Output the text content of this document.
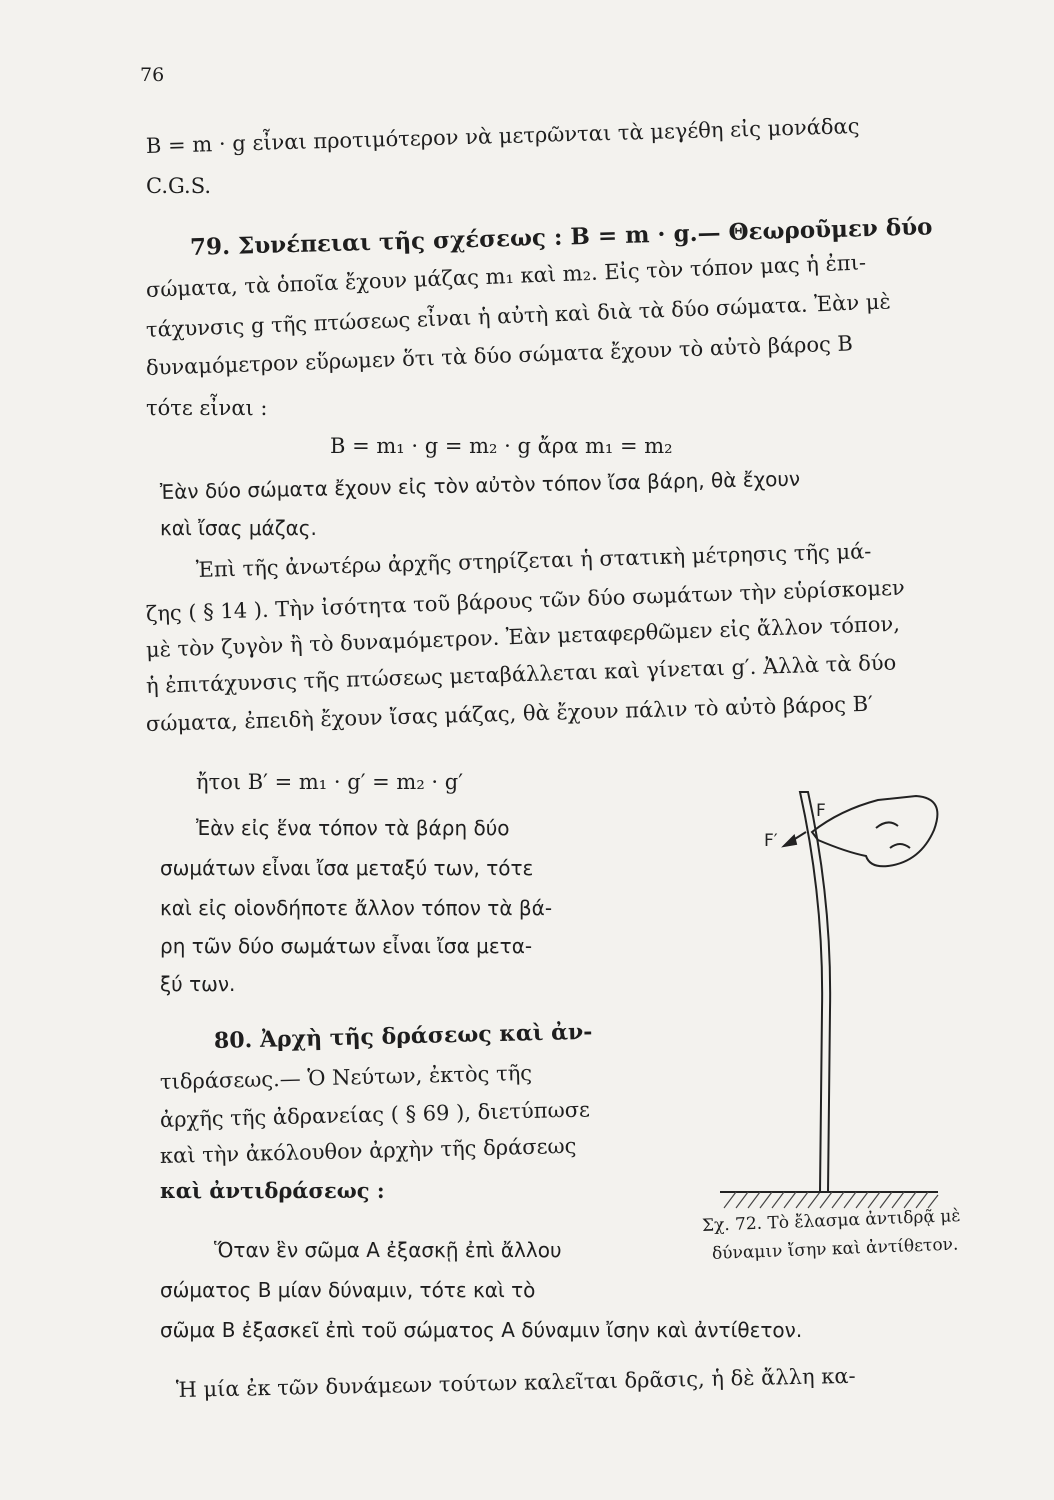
76
B = m · g εἶναι προτιμότερον νὰ μετρῶνται τὰ μεγέθη εἰς μονάδας
C.G.S.
79. Συνέπειαι τῆς σχέσεως : B = m · g.— Θεωροῦμεν δύο
σώματα, τὰ ὁποῖα ἔχουν μάζας m₁ καὶ m₂. Εἰς τὸν τόπον μας ἡ ἐπι-
τάχυνσις g τῆς πτώσεως εἶναι ἡ αὐτὴ καὶ διὰ τὰ δύο σώματα. Ἐὰν μὲ
δυναμόμετρον εὕρωμεν ὅτι τὰ δύο σώματα ἔχουν τὸ αὐτὸ βάρος B
τότε εἶναι :
B = m₁ · g = m₂ · g ἄρα m₁ = m₂
Ἐὰν δύο σώματα ἔχουν εἰς τὸν αὐτὸν τόπον ἴσα βάρη, θὰ ἔχουν
καὶ ἴσας μάζας.
Ἐπὶ τῆς ἀνωτέρω ἀρχῆς στηρίζεται ἡ στατικὴ μέτρησις τῆς μά-
ζης ( § 14 ). Τὴν ἰσότητα τοῦ βάρους τῶν δύο σωμάτων τὴν εὑρίσκομεν
μὲ τὸν ζυγὸν ἢ τὸ δυναμόμετρον. Ἐὰν μεταφερθῶμεν εἰς ἄλλον τόπον,
ἡ ἐπιτάχυνσις τῆς πτώσεως μεταβάλλεται καὶ γίνεται g′. Ἀλλὰ τὰ δύο
σώματα, ἐπειδὴ ἔχουν ἴσας μάζας, θὰ ἔχουν πάλιν τὸ αὐτὸ βάρος B′
ἤτοι B′ = m₁ · g′ = m₂ · g′
Ἐὰν εἰς ἕνα τόπον τὰ βάρη δύο
σωμάτων εἶναι ἴσα μεταξύ των, τότε
καὶ εἰς οἱονδήποτε ἄλλον τόπον τὰ βά-
ρη τῶν δύο σωμάτων εἶναι ἴσα μετα-
ξύ των.
80. Ἀρχὴ τῆς δράσεως καὶ ἀν-
τιδράσεως.— Ὁ Νεύτων, ἐκτὸς τῆς
ἀρχῆς τῆς ἀδρανείας ( § 69 ), διετύπωσε
καὶ τὴν ἀκόλουθον ἀρχὴν τῆς δράσεως
καὶ ἀντιδράσεως :
Ὅταν ἓν σῶμα A ἐξασκῇ ἐπὶ ἄλλου
σώματος B μίαν δύναμιν, τότε καὶ τὸ
σῶμα B ἐξασκεῖ ἐπὶ τοῦ σώματος A δύναμιν ἴσην καὶ ἀντίθετον.
Ἡ μία ἐκ τῶν δυνάμεων τούτων καλεῖται δρᾶσις, ἡ δὲ ἄλλη κα-
F
F′
Σχ. 72. Τὸ ἔλασμα ἀντιδρᾷ μὲ
δύναμιν ἴσην καὶ ἀντίθετον.
